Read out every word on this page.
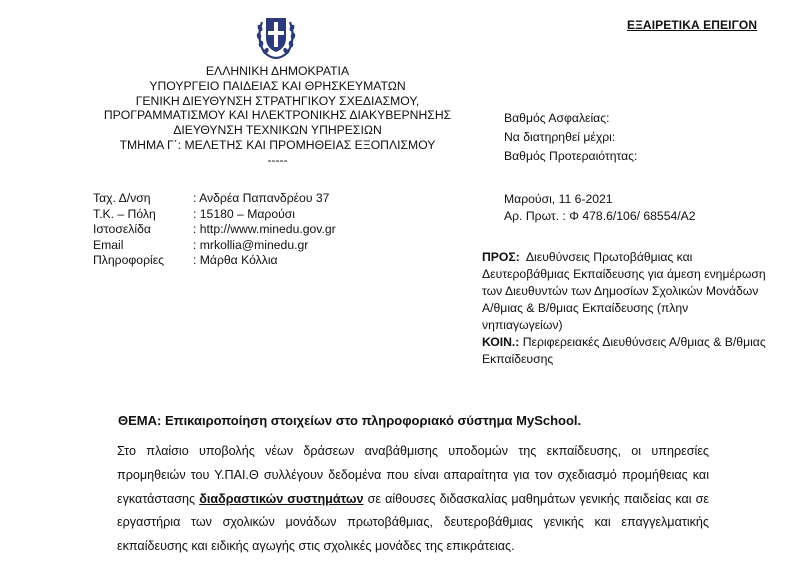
ΕΞΑΙΡΕΤΙΚΑ ΕΠΕΙΓΟΝ
ΕΛΛΗΝΙΚΗ ΔΗΜΟΚΡΑΤΙΑ
ΥΠΟΥΡΓΕΙΟ ΠΑΙΔΕΙΑΣ ΚΑΙ ΘΡΗΣΚΕΥΜΑΤΩΝ
ΓΕΝΙΚΗ ΔΙΕΥΘΥΝΣΗ ΣΤΡΑΤΗΓΙΚΟΥ ΣΧΕΔΙΑΣΜΟΥ,
ΠΡΟΓΡΑΜΜΑΤΙΣΜΟΥ ΚΑΙ ΗΛΕΚΤΡΟΝΙΚΗΣ ΔΙΑΚΥΒΕΡΝΗΣΗΣ
ΔΙΕΥΘΥΝΣΗ ΤΕΧΝΙΚΩΝ ΥΠΗΡΕΣΙΩΝ
ΤΜΗΜΑ Γ΄: ΜΕΛΕΤΗΣ ΚΑΙ ΠΡΟΜΗΘΕΙΑΣ ΕΞΟΠΛΙΣΜΟΥ
-----
Βαθμός Ασφαλείας:
Να διατηρηθεί μέχρι:
Βαθμός Προτεραιότητας:
Ταχ. Δ/νση	: Ανδρέα Παπανδρέου 37
Τ.Κ. – Πόλη	: 15180 – Μαρούσι
Ιστοσελίδα	: http://www.minedu.gov.gr
Email	: mrkollia@minedu.gr
Πληροφορίες	: Μάρθα Κόλλια
Μαρούσι, 11 6-2021
Αρ. Πρωτ. : Φ 478.6/106/ 68554/Α2
ΠΡΟΣ: Διευθύνσεις Πρωτοβάθμιας και Δευτεροβάθμιας Εκπαίδευσης για άμεση ενημέρωση των Διευθυντών των Δημοσίων Σχολικών Μονάδων Α/θμιας & Β/θμιας Εκπαίδευσης (πλην νηπιαγωγείων)
ΚΟΙΝ.: Περιφερειακές Διευθύνσεις Α/θμιας & Β/θμιας Εκπαίδευσης
ΘΕΜΑ: Επικαιροποίηση στοιχείων στο πληροφοριακό σύστημα MySchool.
Στο πλαίσιο υποβολής νέων δράσεων αναβάθμισης υποδομών της εκπαίδευσης, οι υπηρεσίες προμηθειών του Υ.ΠΑΙ.Θ συλλέγουν δεδομένα που είναι απαραίτητα για τον σχεδιασμό προμήθειας και εγκατάστασης διαδραστικών συστημάτων σε αίθουσες διδασκαλίας μαθημάτων γενικής παιδείας και σε εργαστήρια των σχολικών μονάδων πρωτοβάθμιας, δευτεροβάθμιας γενικής και επαγγελματικής εκπαίδευσης και ειδικής αγωγής στις σχολικές μονάδες της επικράτειας.
